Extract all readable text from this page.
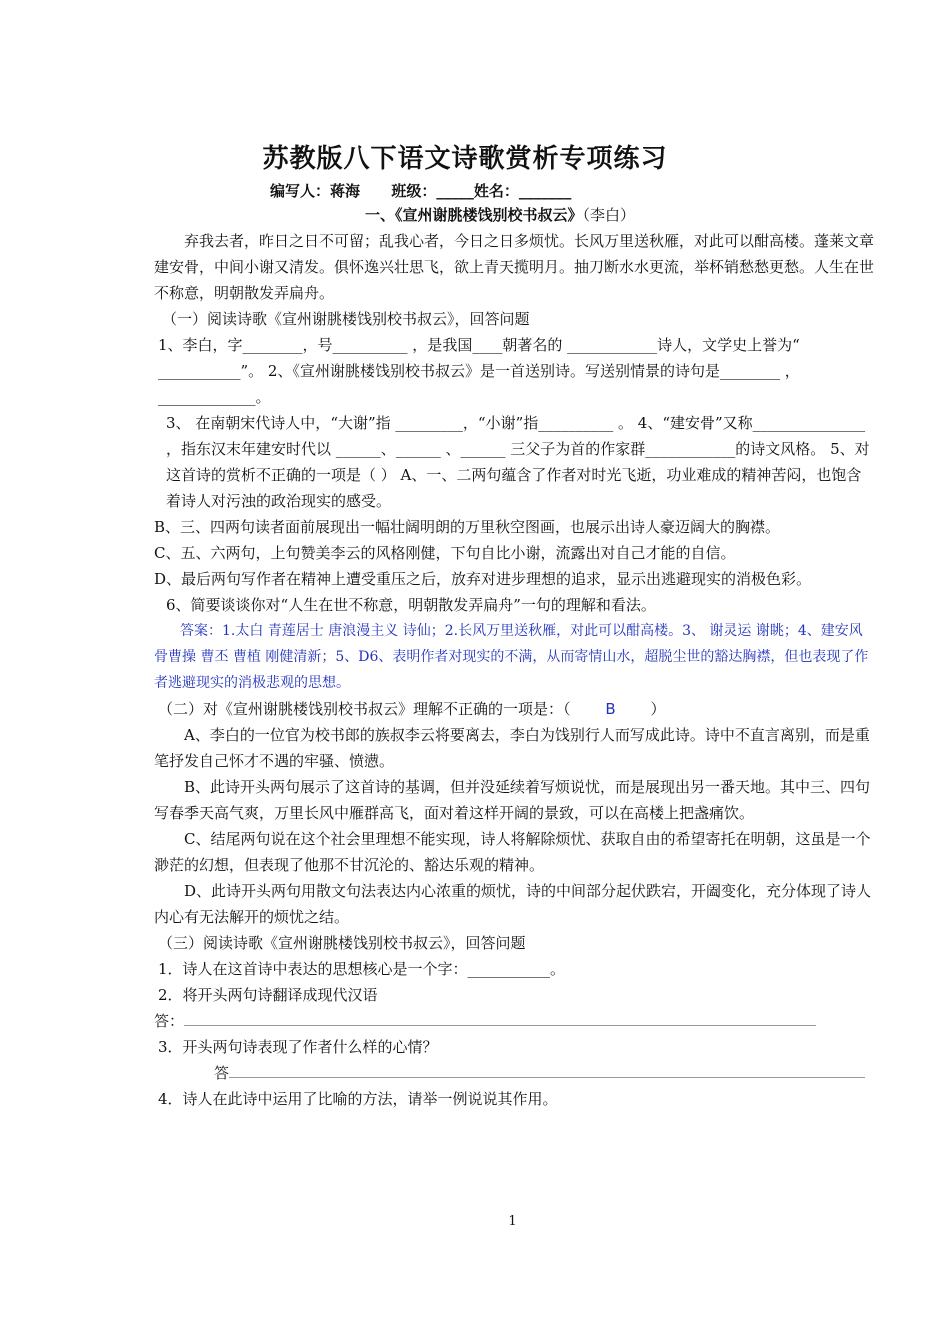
苏教版八下语文诗歌赏析专项练习
编写人：蒋海      班级：_____姓名：_______
一、《宣州谢朓楼饯别校书叔云》（李白）

弃我去者，昨日之日不可留；乱我心者，今日之日多烦忧。长风万里送秋雁，对此可以酣高楼。蓬莱文章建安骨，中间小谢又清发。俱怀逸兴壮思飞，欲上青天揽明月。抽刀断水水更流，举杯销愁愁更愁。人生在世不称意，明朝散发弄扁舟。

（一）阅读诗歌《宣州谢朓楼饯别校书叔云》，回答问题

1、李白，字________，号__________ ，是我国____朝著名的 ____________诗人，文学史上誉为“ ___________”。 2、《宣州谢朓楼饯别校书叔云》是一首送别诗。写送别情景的诗句是________ ， _____________。

3、 在南朝宋代诗人中，“大谢”指 _________，“小谢”指__________ 。 4、“建安骨”又称_______________ ，指东汉末年建安时代以 ______、______ 、______ 三父子为首的作家群____________的诗文风格。 5、对这首诗的赏析不正确的一项是（ ） A、一、二两句蕴含了作者对时光飞逝，功业难成的精神苦闷，也饱含着诗人对污浊的政治现实的感受。

B、三、四两句读者面前展现出一幅壮阔明朗的万里秋空图画，也展示出诗人豪迈阔大的胸襟。

C、五、六两句，上句赞美李云的风格刚健，下句自比小谢，流露出对自己才能的自信。

D、最后两句写作者在精神上遭受重压之后，放弃对进步理想的追求，显示出逃避现实的消极色彩。

6、简要谈谈你对“人生在世不称意，明朝散发弄扁舟”一句的理解和看法。

答案：1.太白 青莲居士 唐浪漫主义 诗仙；2.长风万里送秋雁，对此可以酣高楼。3、 谢灵运 谢眺；4、建安风骨曹操 曹丕 曹植 刚健清新；5、D6、表明作者对现实的不满，从而寄情山水，超脱尘世的豁达胸襟，但也表现了作者逃避现实的消极悲观的思想。

（二）对《宣州谢朓楼饯别校书叔云》理解不正确的一项是：（ B ）

A、李白的一位官为校书郎的族叔李云将要离去，李白为饯别行人而写成此诗。诗中不直言离别，而是重笔抒发自己怀才不遇的牢骚、愤懑。

B、此诗开头两句展示了这首诗的基调，但并没延续着写烦说忧，而是展现出另一番天地。其中三、四句写春季天高气爽，万里长风中雁群高飞，面对着这样开阔的景致，可以在高楼上把盏痛饮。

C、结尾两句说在这个社会里理想不能实现，诗人将解除烦忧、获取自由的希望寄托在明朝，这虽是一个渺茫的幻想，但表现了他那不甘沉沦的、豁达乐观的精神。

D、此诗开头两句用散文句法表达内心浓重的烦忧，诗的中间部分起伏跌宕，开阖变化，充分体现了诗人内心有无法解开的烦忧之结。

（三）阅读诗歌《宣州谢朓楼饯别校书叔云》，回答问题

1．诗人在这首诗中表达的思想核心是一个字：___________。

2．将开头两句诗翻译成现代汉语

答：

3．开头两句诗表现了作者什么样的心情？

答

4．诗人在此诗中运用了比喻的方法，请举一例说说其作用。

1
